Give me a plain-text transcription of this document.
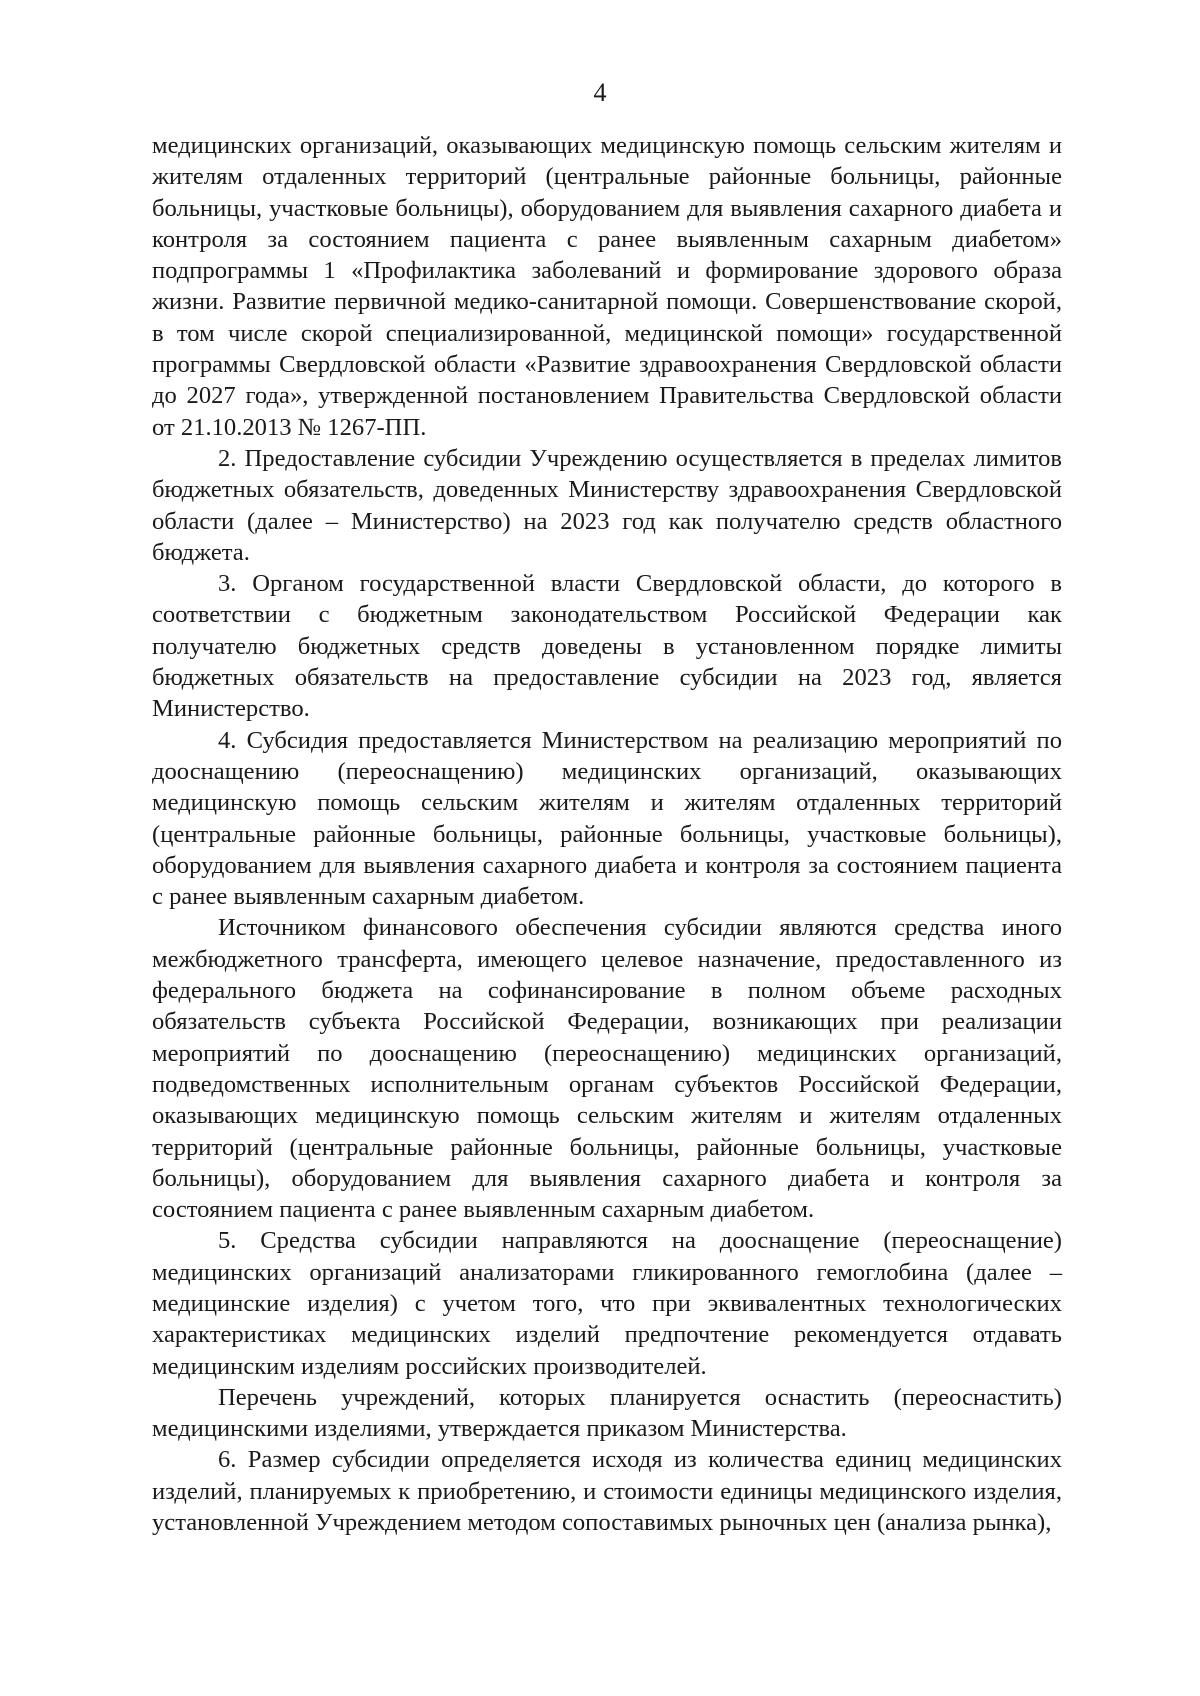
4

медицинских организаций, оказывающих медицинскую помощь сельским жителям и жителям отдаленных территорий (центральные районные больницы, районные больницы, участковые больницы), оборудованием для выявления сахарного диабета и контроля за состоянием пациента с ранее выявленным сахарным диабетом» подпрограммы 1 «Профилактика заболеваний и формирование здорового образа жизни. Развитие первичной медико-санитарной помощи. Совершенствование скорой, в том числе скорой специализированной, медицинской помощи» государственной программы Свердловской области «Развитие здравоохранения Свердловской области до 2027 года», утвержденной постановлением Правительства Свердловской области от 21.10.2013 № 1267-ПП.

2. Предоставление субсидии Учреждению осуществляется в пределах лимитов бюджетных обязательств, доведенных Министерству здравоохранения Свердловской области (далее – Министерство) на 2023 год как получателю средств областного бюджета.

3. Органом государственной власти Свердловской области, до которого в соответствии с бюджетным законодательством Российской Федерации как получателю бюджетных средств доведены в установленном порядке лимиты бюджетных обязательств на предоставление субсидии на 2023 год, является Министерство.

4. Субсидия предоставляется Министерством на реализацию мероприятий по дооснащению (переоснащению) медицинских организаций, оказывающих медицинскую помощь сельским жителям и жителям отдаленных территорий (центральные районные больницы, районные больницы, участковые больницы), оборудованием для выявления сахарного диабета и контроля за состоянием пациента с ранее выявленным сахарным диабетом.

Источником финансового обеспечения субсидии являются средства иного межбюджетного трансферта, имеющего целевое назначение, предоставленного из федерального бюджета на софинансирование в полном объеме расходных обязательств субъекта Российской Федерации, возникающих при реализации мероприятий по дооснащению (переоснащению) медицинских организаций, подведомственных исполнительным органам субъектов Российской Федерации, оказывающих медицинскую помощь сельским жителям и жителям отдаленных территорий (центральные районные больницы, районные больницы, участковые больницы), оборудованием для выявления сахарного диабета и контроля за состоянием пациента с ранее выявленным сахарным диабетом.

5. Средства субсидии направляются на дооснащение (переоснащение) медицинских организаций анализаторами гликированного гемоглобина (далее – медицинские изделия) с учетом того, что при эквивалентных технологических характеристиках медицинских изделий предпочтение рекомендуется отдавать медицинским изделиям российских производителей.

Перечень учреждений, которых планируется оснастить (переоснастить) медицинскими изделиями, утверждается приказом Министерства.

6. Размер субсидии определяется исходя из количества единиц медицинских изделий, планируемых к приобретению, и стоимости единицы медицинского изделия, установленной Учреждением методом сопоставимых рыночных цен (анализа рынка),
